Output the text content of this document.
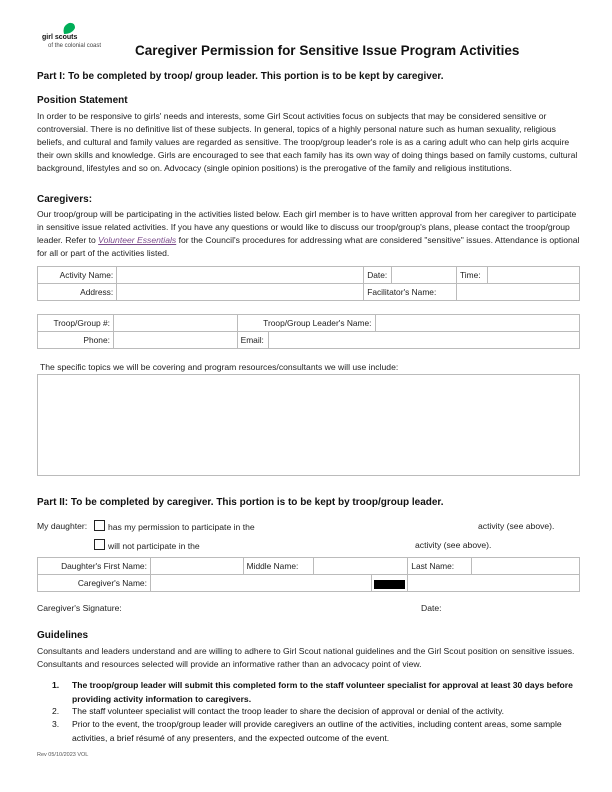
girl scouts
of the colonial coast	Caregiver Permission for Sensitive Issue Program Activities
Part I: To be completed by troop/ group leader. This portion is to be kept by caregiver.
Position Statement
In order to be responsive to girls' needs and interests, some Girl Scout activities focus on subjects that may be considered sensitive or controversial. There is no definitive list of these subjects. In general, topics of a highly personal nature such as human sexuality, religious beliefs, and cultural and family values are regarded as sensitive. The troop/group leader's role is as a caring adult who can help girls acquire their own skills and knowledge. Girls are encouraged to see that each family has its own way of doing things based on family customs, cultural background, lifestyles and so on. Advocacy (single opinion positions) is the prerogative of the family and religious institutions.
Caregivers:
Our troop/group will be participating in the activities listed below. Each girl member is to have written approval from her caregiver to participate in sensitive issue related activities. If you have any questions or would like to discuss our troop/group's plans, please contact the troop/group leader. Refer to Volunteer Essentials for the Council's procedures for addressing what are considered "sensitive" issues. Attendance is optional for all or part of the activities listed.
Activity Name:		Date:		Time:	
Address:		Facilitator's Name:			
Troop/Group #:		Troop/Group Leader's Name:		
Phone:		Email:		
The specific topics we will be covering and program resources/consultants we will use include:
Part II: To be completed by caregiver. This portion is to be kept by troop/group leader.
My daughter:	has my permission to participate in the	activity (see above).
will not participate in the	activity (see above).
Daughter's First Name:		Middle Name:			Last Name:	
Caregiver's Name:					

Caregiver's Signature:	Date:
Guidelines
Consultants and leaders understand and are willing to adhere to Girl Scout national guidelines and the Girl Scout position on sensitive issues. Consultants and resources selected will provide an informative rather than an advocacy point of view.
1.	The troop/group leader will submit this completed form to the staff volunteer specialist for approval at least 30 days before providing activity information to caregivers.
2.	The staff volunteer specialist will contact the troop leader to share the decision of approval or denial of the activity.
3.	Prior to the event, the troop/group leader will provide caregivers an outline of the activities, including content areas, some sample activities, a brief résumé of any presenters, and the expected outcome of the event.
Rev 05/10/2023 VOL
